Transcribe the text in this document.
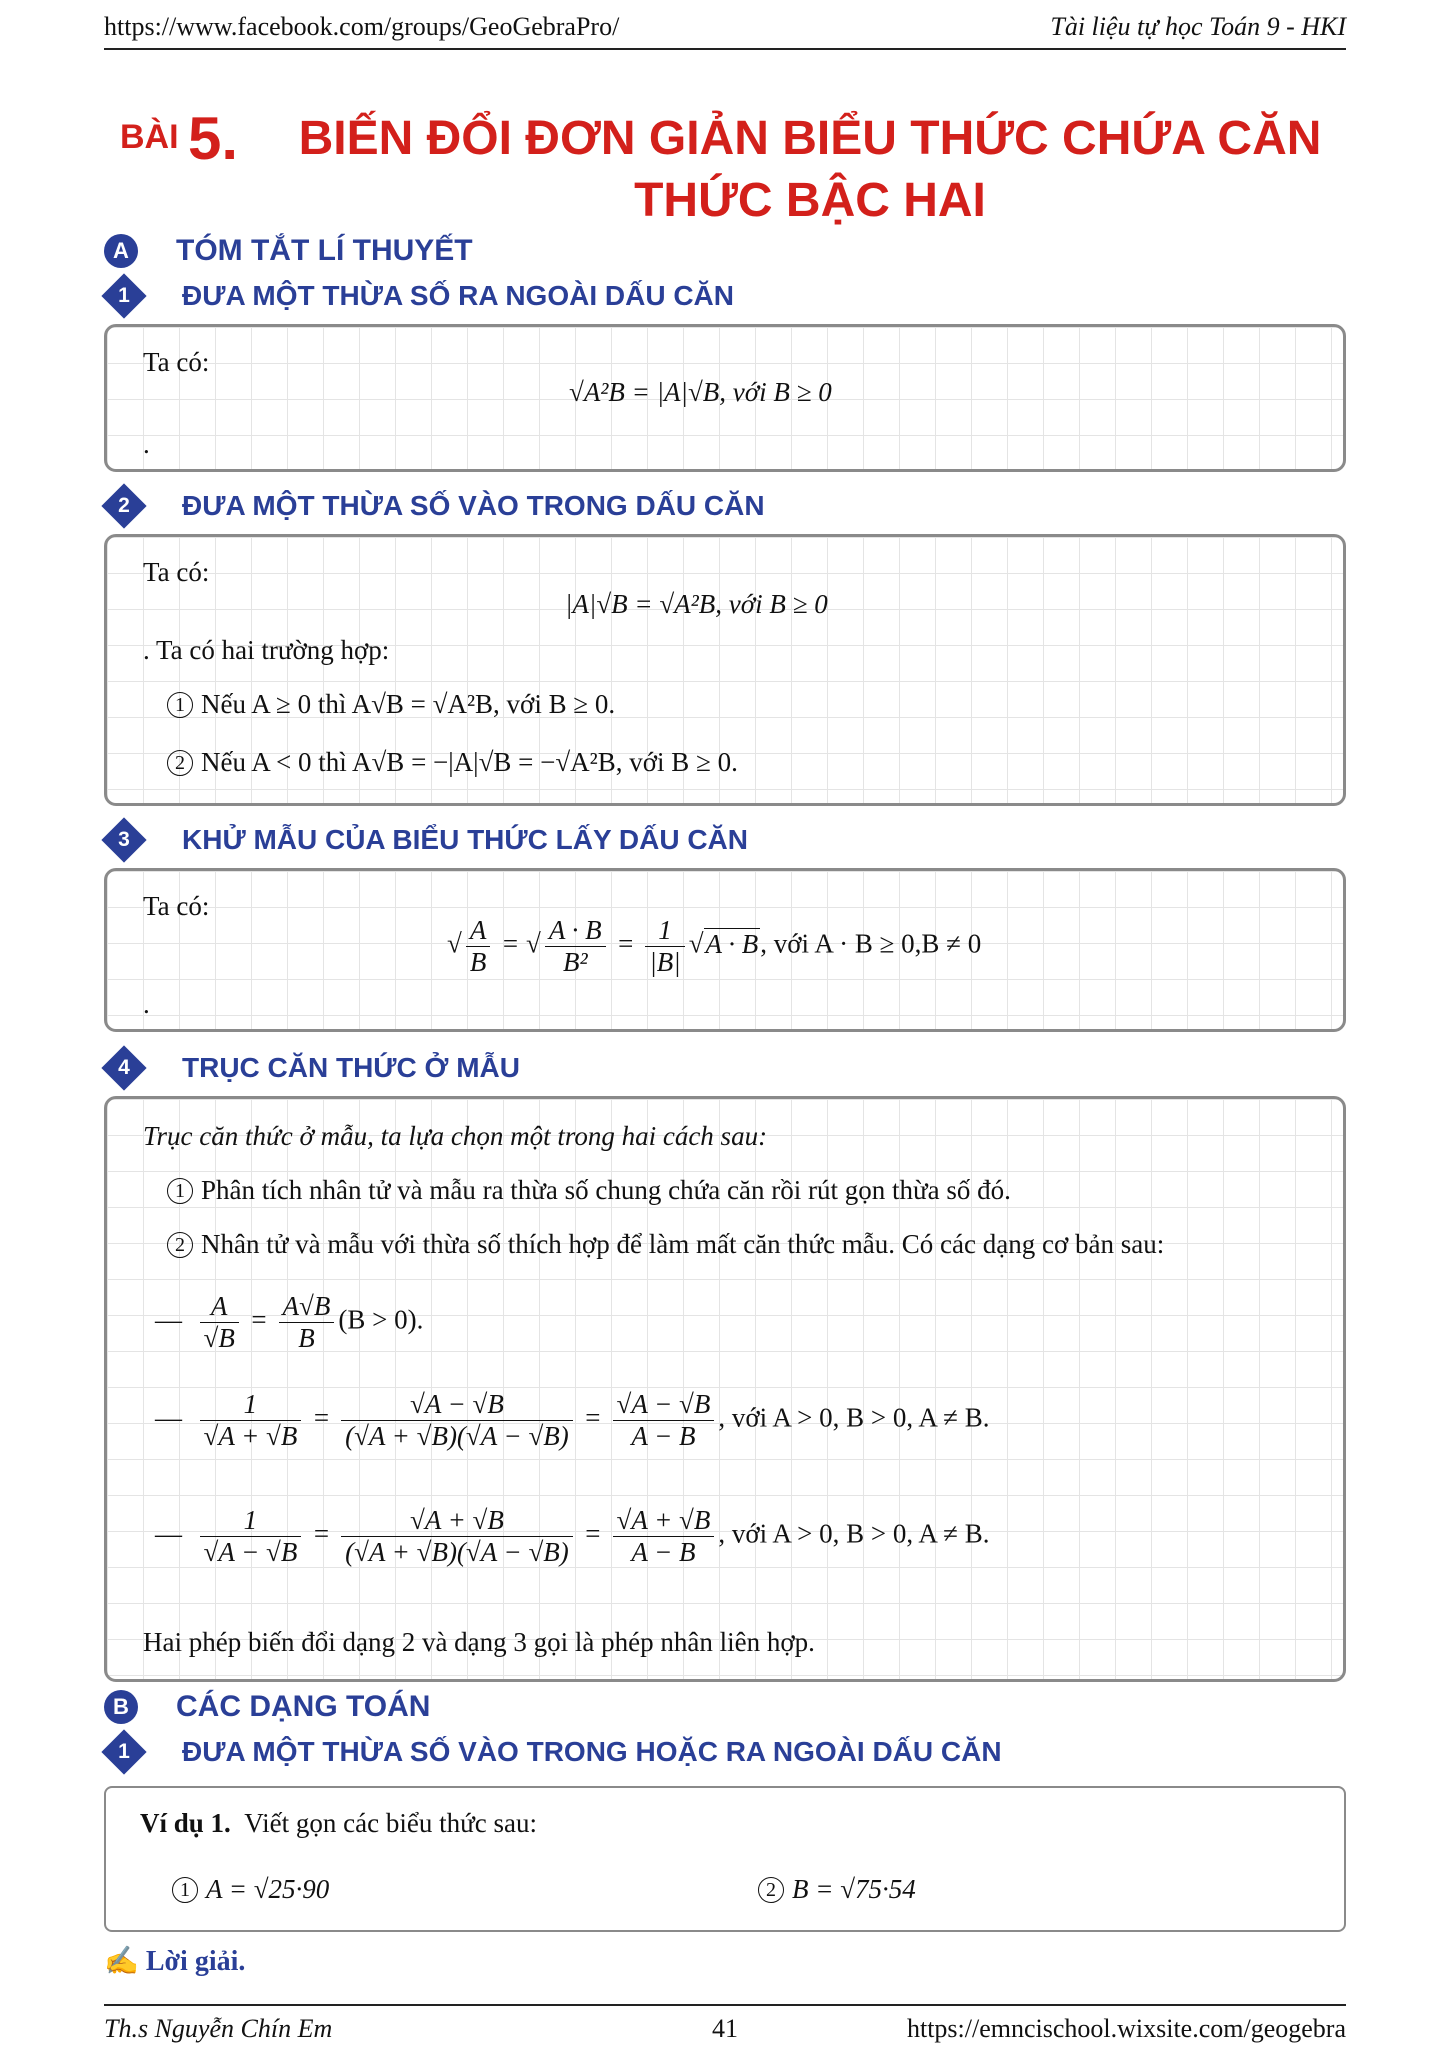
https://www.facebook.com/groups/GeoGebraPro/	Tài liệu tự học Toán 9 - HKI
BÀI 5.	BIẾN ĐỔI ĐƠN GIẢN BIỂU THỨC CHỨA CĂN
THỨC BẬC HAI
A	TÓM TẮT LÍ THUYẾT
1	ĐƯA MỘT THỪA SỐ RA NGOÀI DẤU CĂN
Ta có:
√A²B = |A|√B, với B ≥ 0
.
2	ĐƯA MỘT THỪA SỐ VÀO TRONG DẤU CĂN
Ta có:
|A|√B = √A²B, với B ≥ 0
. Ta có hai trường hợp:
1 Nếu A ≥ 0 thì A√B = √A²B, với B ≥ 0.
2 Nếu A < 0 thì A√B = −|A|√B = −√A²B, với B ≥ 0.
3	KHỬ MẪU CỦA BIỂU THỨC LẤY DẤU CĂN
Ta có:
√ $\frac{A}{B}$ = √ $\frac{A \cdot B}{\text{B²}} = \frac{1}{|B|} √A \cdot B$, với A · B ≥ 0,B ≠ 0
.
4	TRỤC CĂN THỨC Ở MẪU
Trục căn thức ở mẫu, ta lựa chọn một trong hai cách sau:
1 Phân tích nhân tử và mẫu ra thừa số chung chứa căn rồi rút gọn thừa số đó.
2 Nhân tử và mẫu với thừa số thích hợp để làm mất căn thức mẫu. Có các dạng cơ bản sau:
— $\frac{A}{√B} = \frac{A√B}{B} (B > 0)$.
— $\frac{1}{√A + √B} = \frac{√A - √B}{(√A + √B)(√A - √B)} = \frac{√A - √B}{A - B}$ , với A > 0, B > 0, A ≠ B.
— $\frac{1}{√A - √B} = \frac{√A + √B}{(√A + √B)(√A - √B)} = \frac{√A + √B}{A - B}$ , với A > 0, B > 0, A ≠ B.
Hai phép biến đổi dạng 2 và dạng 3 gọi là phép nhân liên hợp.
B	CÁC DẠNG TOÁN
1	ĐƯA MỘT THỪA SỐ VÀO TRONG HOẶC RA NGOÀI DẤU CĂN
Ví dụ 1. Viết gọn các biểu thức sau:
1 A = √25·90	2 B = √75·54
✍ Lời giải.
Th.s Nguyễn Chín Em	41	https://emncischool.wixsite.com/geogebra
